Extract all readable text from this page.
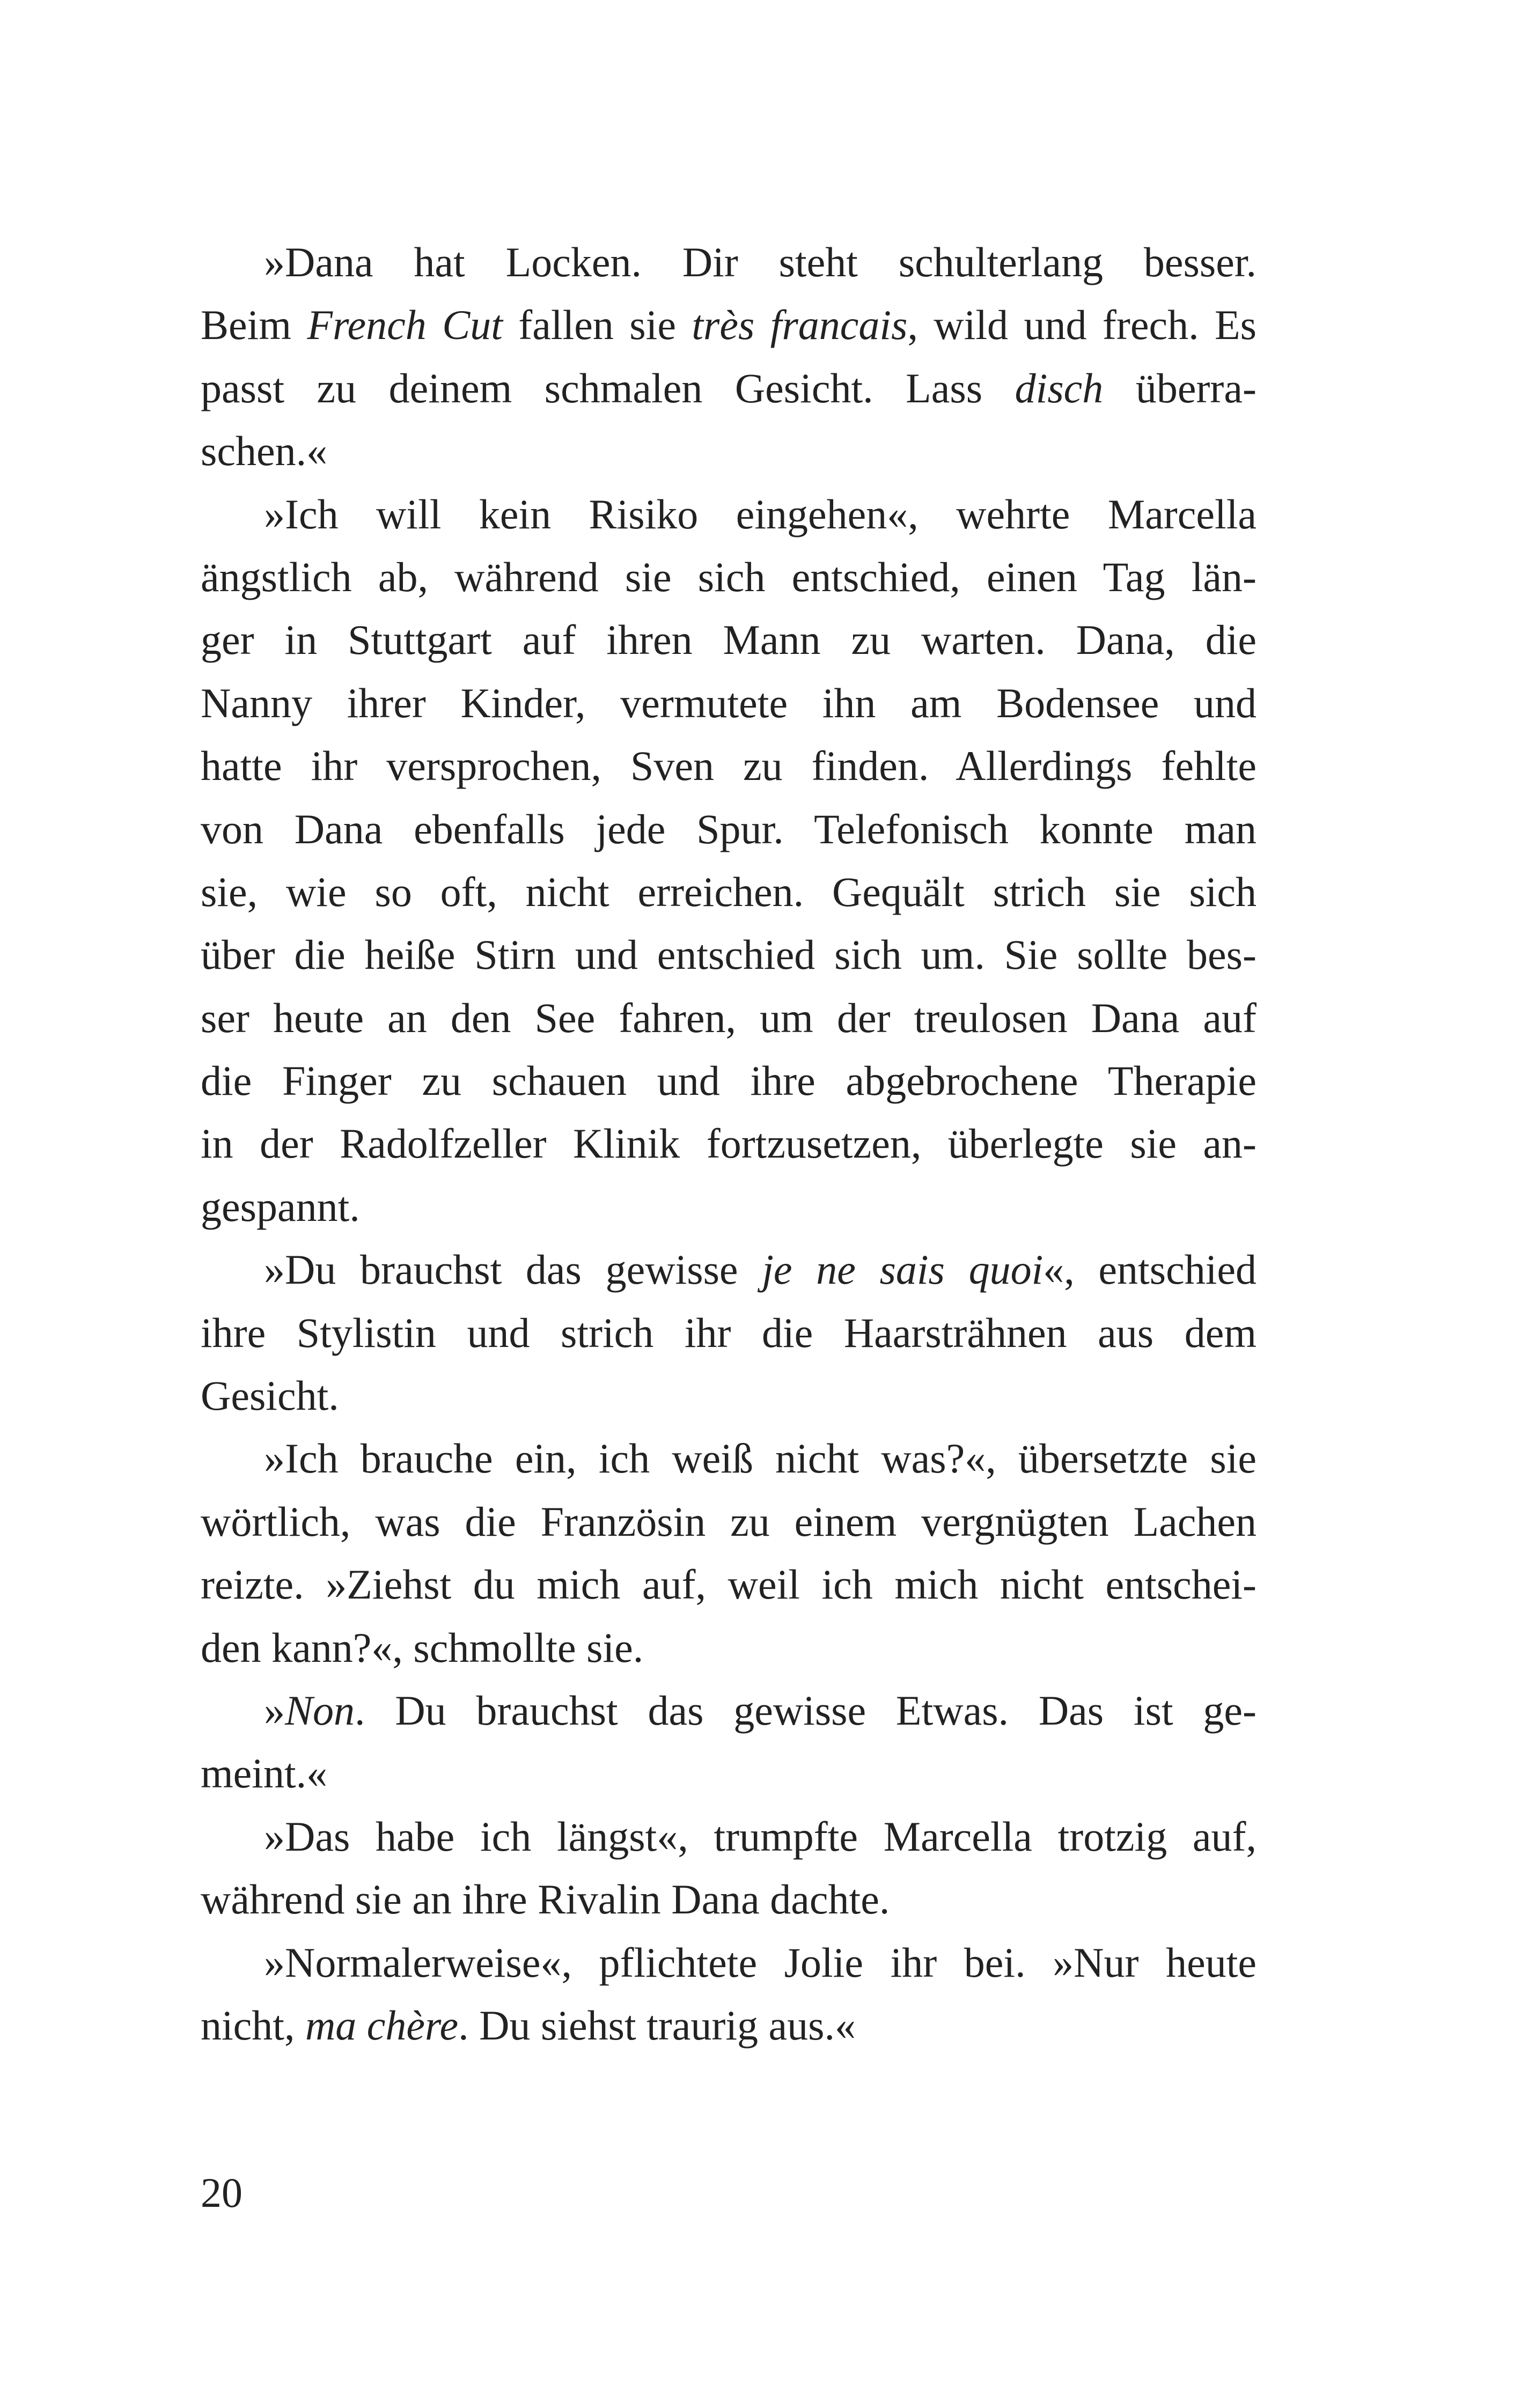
»Dana hat Locken. Dir steht schulterlang besser.
Beim French Cut fallen sie très francais, wild und frech. Es
passt zu deinem schmalen Gesicht. Lass disch überra-
schen.«
»Ich will kein Risiko eingehen«, wehrte Marcella
ängstlich ab, während sie sich entschied, einen Tag län-
ger in Stuttgart auf ihren Mann zu warten. Dana, die
Nanny ihrer Kinder, vermutete ihn am Bodensee und
hatte ihr versprochen, Sven zu finden. Allerdings fehlte
von Dana ebenfalls jede Spur. Telefonisch konnte man
sie, wie so oft, nicht erreichen. Gequält strich sie sich
über die heiße Stirn und entschied sich um. Sie sollte bes-
ser heute an den See fahren, um der treulosen Dana auf
die Finger zu schauen und ihre abgebrochene Therapie
in der Radolfzeller Klinik fortzusetzen, überlegte sie an-
gespannt.
»Du brauchst das gewisse je ne sais quoi«, entschied
ihre Stylistin und strich ihr die Haarsträhnen aus dem
Gesicht.
»Ich brauche ein, ich weiß nicht was?«, übersetzte sie
wörtlich, was die Französin zu einem vergnügten Lachen
reizte. »Ziehst du mich auf, weil ich mich nicht entschei-
den kann?«, schmollte sie.
»Non. Du brauchst das gewisse Etwas. Das ist ge-
meint.«
»Das habe ich längst«, trumpfte Marcella trotzig auf,
während sie an ihre Rivalin Dana dachte.
»Normalerweise«, pflichtete Jolie ihr bei. »Nur heute
nicht, ma chère. Du siehst traurig aus.«
20
